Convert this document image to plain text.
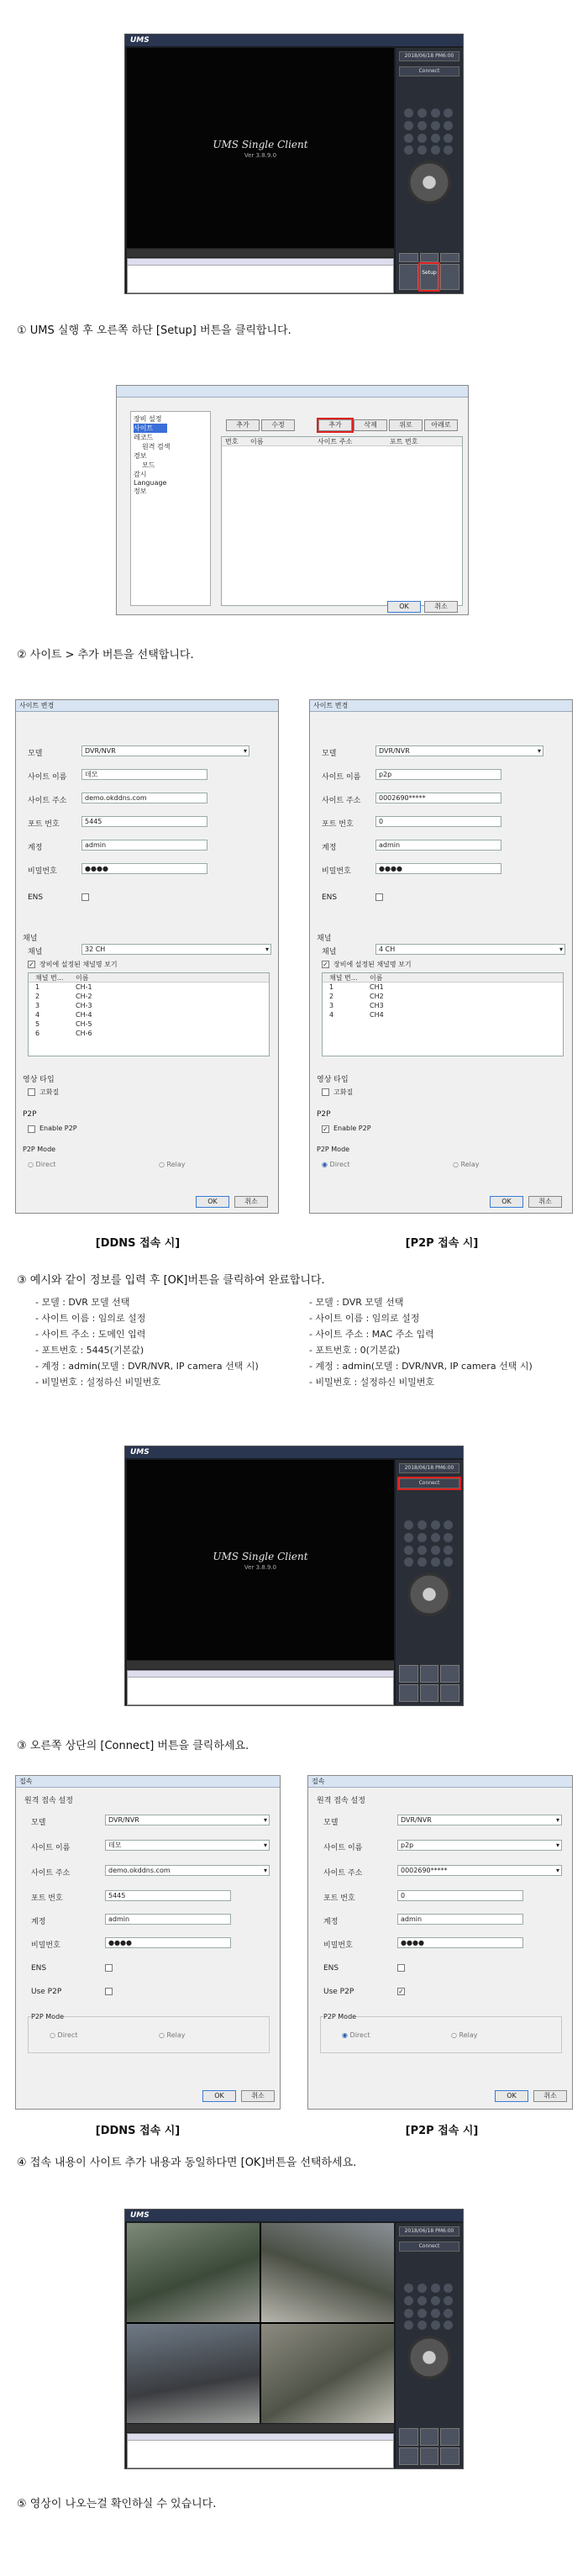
UMS
UMS Single Client
Ver 3.8.9.0
2018/06/18 PM6:00
Connect
Setup
① UMS 실행 후 오른쪽 하단 [Setup] 버튼을 클릭합니다.
장비 설정
사이트
레코드
원격 검색
경보
모드
감시
Language
정보
추가	수정	추가	삭제	위로	아래로
번호 이름	사이트 주소	포트 번호
OK	취소
② 사이트 > 추가 버튼을 선택합니다.
사이트 변경
모델	DVR/NVR ▾
사이트 이름	데모
사이트 주소	demo.okddns.com
포트 번호	5445
계정	admin
비밀번호	●●●●
ENS
채널
채널	32 CH ▾
✓ 장비에 설정된 채널명 보기
채널 번... 이름
1	CH-1
2	CH-2
3	CH-3
4	CH-4
5	CH-5
6	CH-6
영상 타입
고화질
P2P
Enable P2P
P2P Mode
○ Direct	○ Relay
OK	취소
사이트 변경
모델	DVR/NVR ▾
사이트 이름	p2p
사이트 주소	0002690*****
포트 번호	0
계정	admin
비밀번호	●●●●
ENS
채널
채널	4 CH ▾
✓ 장비에 설정된 채널명 보기
채널 번... 이름
1	CH1
2	CH2
3	CH3
4	CH4
영상 타입
고화질
P2P
✓ Enable P2P
P2P Mode
◉ Direct	○ Relay
OK	취소
[DDNS 접속 시]	[P2P 접속 시]
③ 예시와 같이 정보를 입력 후 [OK]버튼을 클릭하여 완료합니다.
- 모델 : DVR 모델 선택
- 사이트 이름 : 임의로 설정
- 사이트 주소 : 도메인 입력
- 포트번호 : 5445(기본값)
- 계정 : admin(모델 : DVR/NVR, IP camera 선택 시)
- 비밀번호 : 설정하신 비밀번호
- 모델 : DVR 모델 선택
- 사이트 이름 : 임의로 설정
- 사이트 주소 : MAC 주소 입력
- 포트번호 : 0(기본값)
- 계정 : admin(모델 : DVR/NVR, IP camera 선택 시)
- 비밀번호 : 설정하신 비밀번호
UMS
UMS Single Client
Ver 3.8.9.0
2018/06/18 PM6:00
Connect
③ 오른쪽 상단의 [Connect] 버튼을 클릭하세요.
접속
원격 접속 설정
모델	DVR/NVR ▾
사이트 이름	데모 ▾
사이트 주소	demo.okddns.com ▾
포트 번호	5445
계정	admin
비밀번호	●●●●
ENS
Use P2P
P2P Mode
○ Direct	○ Relay
OK	취소
접속
원격 접속 설정
모델	DVR/NVR ▾
사이트 이름	p2p ▾
사이트 주소	0002690***** ▾
포트 번호	0
계정	admin
비밀번호	●●●●
ENS
Use P2P	✓
P2P Mode
◉ Direct	○ Relay
OK	취소
[DDNS 접속 시]	[P2P 접속 시]
④ 접속 내용이 사이트 추가 내용과 동일하다면 [OK]버튼을 선택하세요.
UMS
2018/06/18 PM6:00
Connect
⑤ 영상이 나오는걸 확인하실 수 있습니다.
